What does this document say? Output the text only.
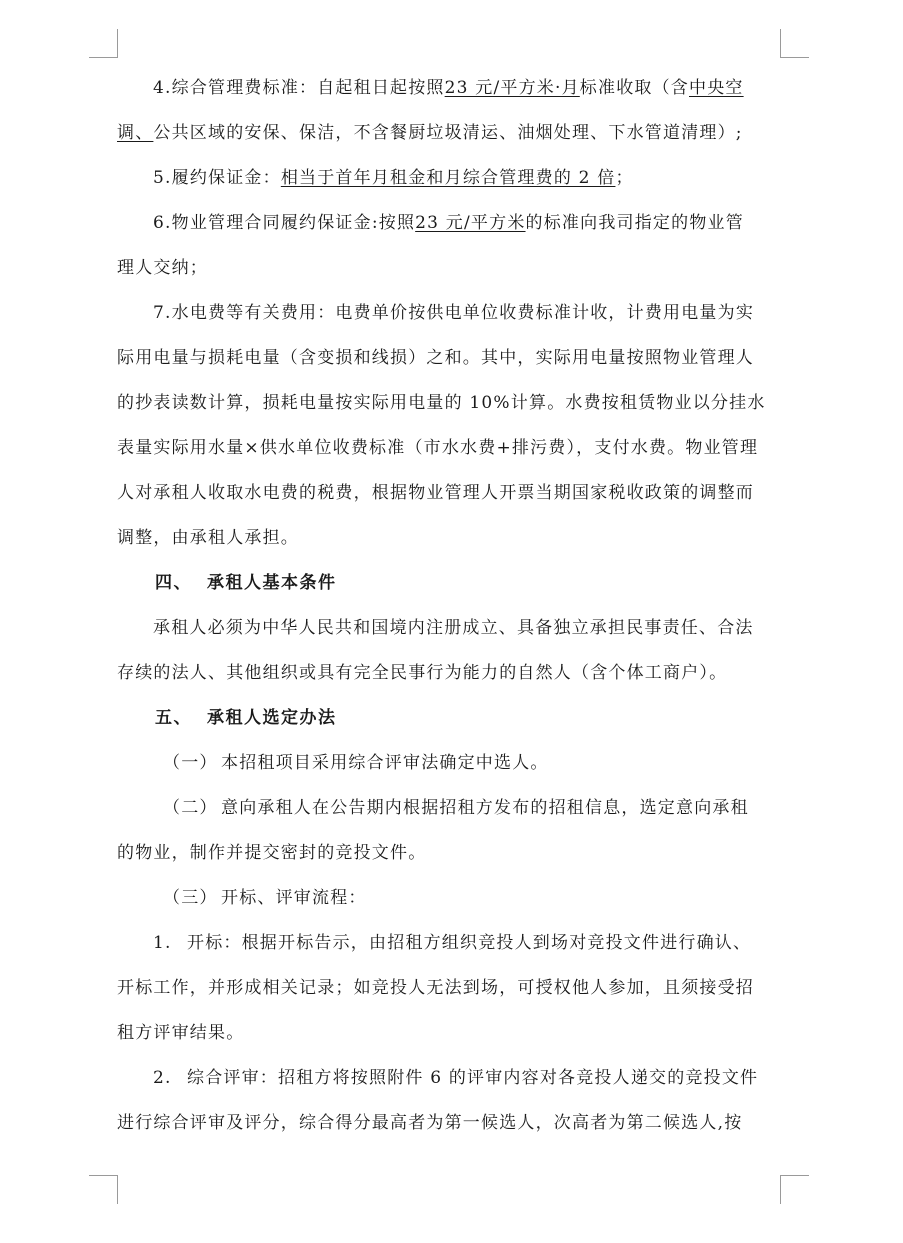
4.综合管理费标准：自起租日起按照23 元/平方米·月标准收取（含中央空
调、公共区域的安保、保洁，不含餐厨垃圾清运、油烟处理、下水管道清理）;
5.履约保证金：相当于首年月租金和月综合管理费的 2 倍；
6.物业管理合同履约保证金:按照23 元/平方米的标准向我司指定的物业管
理人交纳；
7.水电费等有关费用：电费单价按供电单位收费标准计收，计费用电量为实
际用电量与损耗电量（含变损和线损）之和。其中，实际用电量按照物业管理人
的抄表读数计算，损耗电量按实际用电量的 10%计算。水费按租赁物业以分挂水
表量实际用水量×供水单位收费标准（市水水费+排污费），支付水费。物业管理
人对承租人收取水电费的税费，根据物业管理人开票当期国家税收政策的调整而
调整，由承租人承担。
四、 承租人基本条件
承租人必须为中华人民共和国境内注册成立、具备独立承担民事责任、合法
存续的法人、其他组织或具有完全民事行为能力的自然人（含个体工商户）。
五、 承租人选定办法
（一） 本招租项目采用综合评审法确定中选人。
（二） 意向承租人在公告期内根据招租方发布的招租信息，选定意向承租
的物业，制作并提交密封的竞投文件。
（三） 开标、评审流程：
1. 开标：根据开标告示，由招租方组织竞投人到场对竞投文件进行确认、
开标工作，并形成相关记录；如竞投人无法到场，可授权他人参加，且须接受招
租方评审结果。
2. 综合评审：招租方将按照附件 6 的评审内容对各竞投人递交的竞投文件
进行综合评审及评分，综合得分最高者为第一候选人，次高者为第二候选人,按
